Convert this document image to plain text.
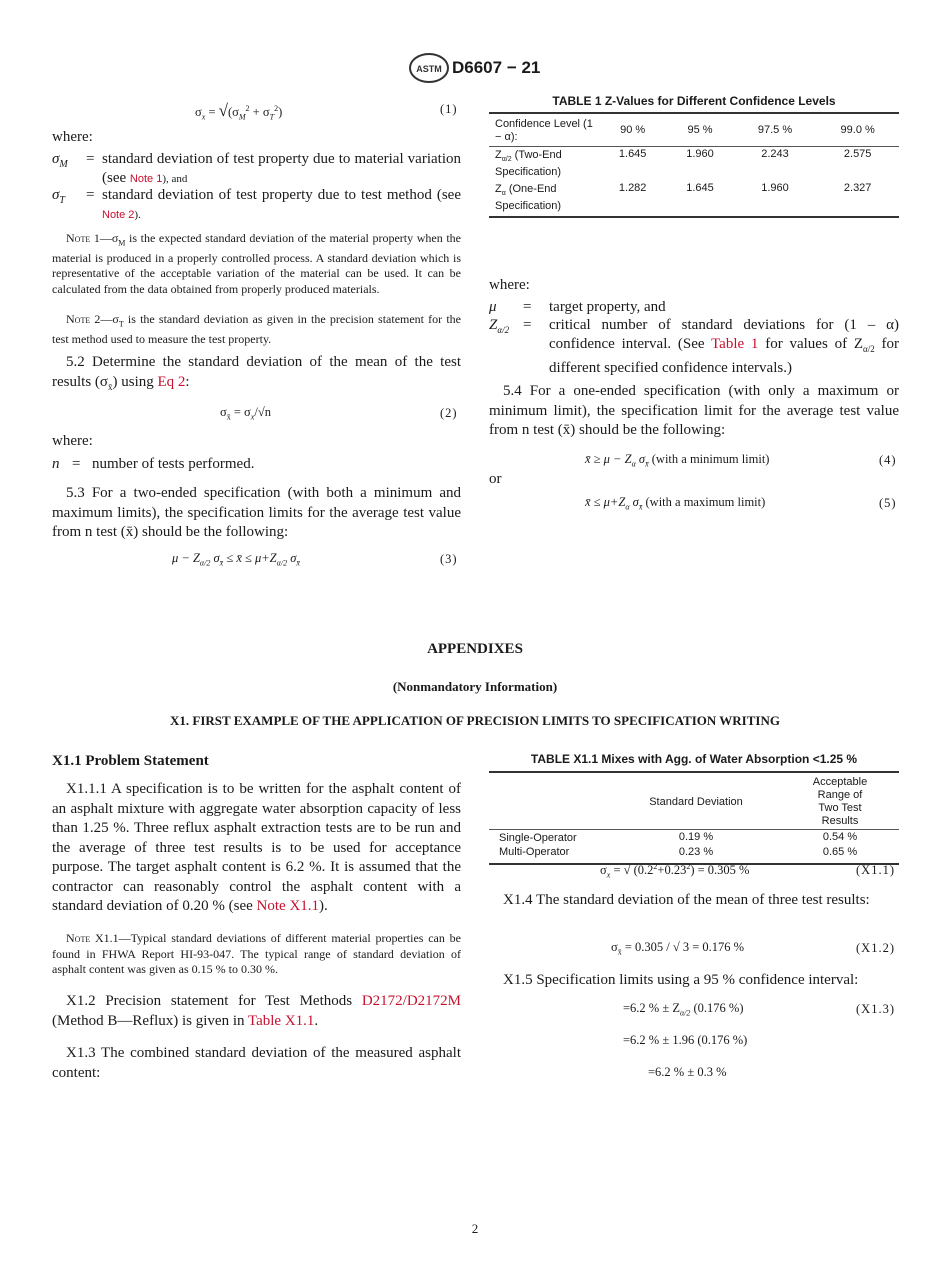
ASTM D6607 − 21
$\sigma_x = √(\sigma_M^2 + \sigma_T^2)$	(1)
where:
$\sigma_M$ = standard deviation of test property due to material variation (see Note 1), and
$\sigma_T$ = standard deviation of test property due to test method (see Note 2).
Note $1—\sigma_M$ is the expected standard deviation of the material property when the material is produced in a properly controlled process. A standard deviation which is representative of the acceptable variation of the material can be used. It can be calculated from the data obtained from properly produced materials.
Note $2—\sigma_T$ is the standard deviation as given in the precision statement for the test method used to measure the test property.
5.2 Determine the standard deviation of the mean of the test results $(\sigma_{x̄})$ using Eq 2:
$\sigma_{x̄} = \sigma_x/√n$	(2)
where:
n = number of tests performed.
5.3 For a two-ended specification (with both a minimum and maximum limits), the specification limits for the average test value from n test (x̄) should be the following:
$\mu - Z_{\alpha/2}$ $\sigma_{x̄}$ ≤ x̄ ≤ $\mu+Z_{\alpha/2}$ $\sigma_{x̄}$	(3)
TABLE 1 Z-Values for Different Confidence Levels
Confidence Level (1 − α):	90 %	95 %	97.5 %	99.0 %
$Z_{\alpha/2}$ (Two-End Specification)	1.645	1.960	2.243	2.575
$Z_\alpha$ (One-End Specification)	1.282	1.645	1.960	2.327
where:
μ = target property, and
$Z_{\alpha/2}$ = critical number of standard deviations for (1 – α) confidence interval. (See Table 1 for values of $Z_{\alpha/2}$ for different specified confidence intervals.)
5.4 For a one-ended specification (with only a maximum or minimum limit), the specification limit for the average test value from n test (x̄) should be the following:
x̄ ≥ $\mu - Z_\alpha$ $\sigma_{x̄}$ (with a minimum limit)	(4)
or
x̄ ≤ $\mu+Z_\alpha$ $\sigma_{x̄}$ (with a maximum limit)	(5)
APPENDIXES
(Nonmandatory Information)
X1. FIRST EXAMPLE OF THE APPLICATION OF PRECISION LIMITS TO SPECIFICATION WRITING
X1.1 Problem Statement
X1.1.1 A specification is to be written for the asphalt content of an asphalt mixture with aggregate water absorption capacity of less than 1.25 %. Three reflux asphalt extraction tests are to be run and the average of three test results is to be used for acceptance purpose. The target asphalt content is 6.2 %. It is assumed that the contractor can reasonably control the asphalt content with a standard deviation of 0.20 % (see Note X1.1).
Note X1.1—Typical standard deviations of different material properties can be found in FHWA Report HI-93-047. The typical range of standard deviation of asphalt content was given as 0.15 % to 0.30 %.
X1.2 Precision statement for Test Methods D2172/D2172M (Method B—Reflux) is given in Table X1.1.
X1.3 The combined standard deviation of the measured asphalt content:
TABLE X1.1 Mixes with Agg. of Water Absorption <1.25 %
	Standard Deviation	Acceptable Range of Two Test Results
Single-Operator	0.19 %	0.54 %
Multi-Operator	0.23 %	0.65 %
$\sigma_x$ = √ $(0.2^2+0.23^2) = 0.305$ %	(X1.1)
X1.4 The standard deviation of the mean of three test results:
$\sigma_{x̄} = 0.305$ / √ 3 = 0.176 %	(X1.2)
X1.5 Specification limits using a 95 % confidence interval:
=6.2 % ± $Z_{\alpha/2}$ (0.176 %)	(X1.3)
=6.2 % ± 1.96 (0.176 %)
=6.2 % ± 0.3 %
2
